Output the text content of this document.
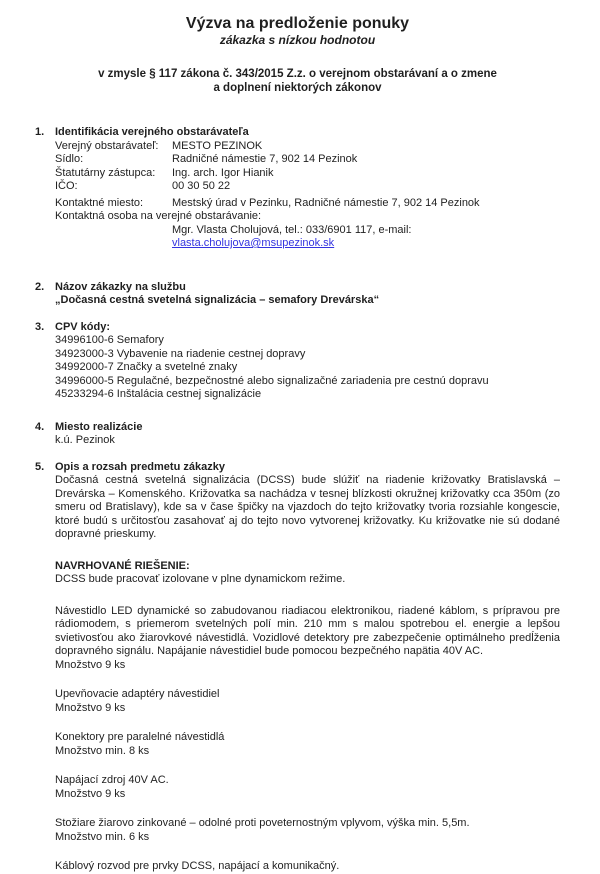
Výzva na predloženie ponuky
zákazka s nízkou hodnotou
v zmysle § 117 zákona č. 343/2015 Z.z. o verejnom obstarávaní a o zmene
a doplnení niektorých zákonov
1. Identifikácia verejného obstarávateľa
Verejný obstarávateľ:	MESTO PEZINOK
Sídlo:	Radničné námestie 7, 902 14 Pezinok
Štatutárny zástupca:	Ing. arch. Igor Hianik
IČO:	00 30 50 22
Kontaktné miesto:	Mestský úrad v Pezinku, Radničné námestie 7, 902 14 Pezinok
Kontaktná osoba na verejné obstarávanie:
Mgr. Vlasta Cholujová, tel.: 033/6901 117, e-mail: vlasta.cholujova@msupezinok.sk
2. Názov zákazky na službu
„Dočasná cestná svetelná signalizácia – semafory Drevárska“
3. CPV kódy:
34996100-6 Semafory
34923000-3 Vybavenie na riadenie cestnej dopravy
34992000-7 Značky a svetelné znaky
34996000-5 Regulačné, bezpečnostné alebo signalizačné zariadenia pre cestnú dopravu
45233294-6 Inštalácia cestnej signalizácie
4. Miesto realizácie
k.ú. Pezinok
5. Opis a rozsah predmetu zákazky
Dočasná cestná svetelná signalizácia (DCSS) bude slúžiť na riadenie križovatky Bratislavská – Drevárska – Komenského. Križovatka sa nachádza v tesnej blízkosti okružnej križovatky cca 350m (zo smeru od Bratislavy), kde sa v čase špičky na vjazdoch do tejto križovatky tvoria rozsiahle kongescie, ktoré budú s určitosťou zasahovať aj do tejto novo vytvorenej križovatky. Ku križovatke nie sú dodané dopravné prieskumy.
NAVRHOVANÉ RIEŠENIE:
DCSS bude pracovať izolovane v plne dynamickom režime.
Návestidlo LED dynamické so zabudovanou riadiacou elektronikou, riadené káblom, s prípravou pre rádiomodem, s priemerom svetelných polí min. 210 mm s malou spotrebou el. energie a lepšou svietivosťou ako žiarovkové návestidlá. Vozidlové detektory pre zabezpečenie optimálneho predĺženia dopravného signálu. Napájanie návestidiel bude pomocou bezpečného napätia 40V AC.
Množstvo 9 ks
Upevňovacie adaptéry návestidiel
Množstvo 9 ks
Konektory pre paralelné návestidlá
Množstvo min. 8 ks
Napájací zdroj 40V AC.
Množstvo 9 ks
Stožiare žiarovo zinkované – odolné proti poveternostným vplyvom, výška min. 5,5m.
Množstvo min. 6 ks
Káblový rozvod pre prvky DCSS, napájací a komunikačný.
